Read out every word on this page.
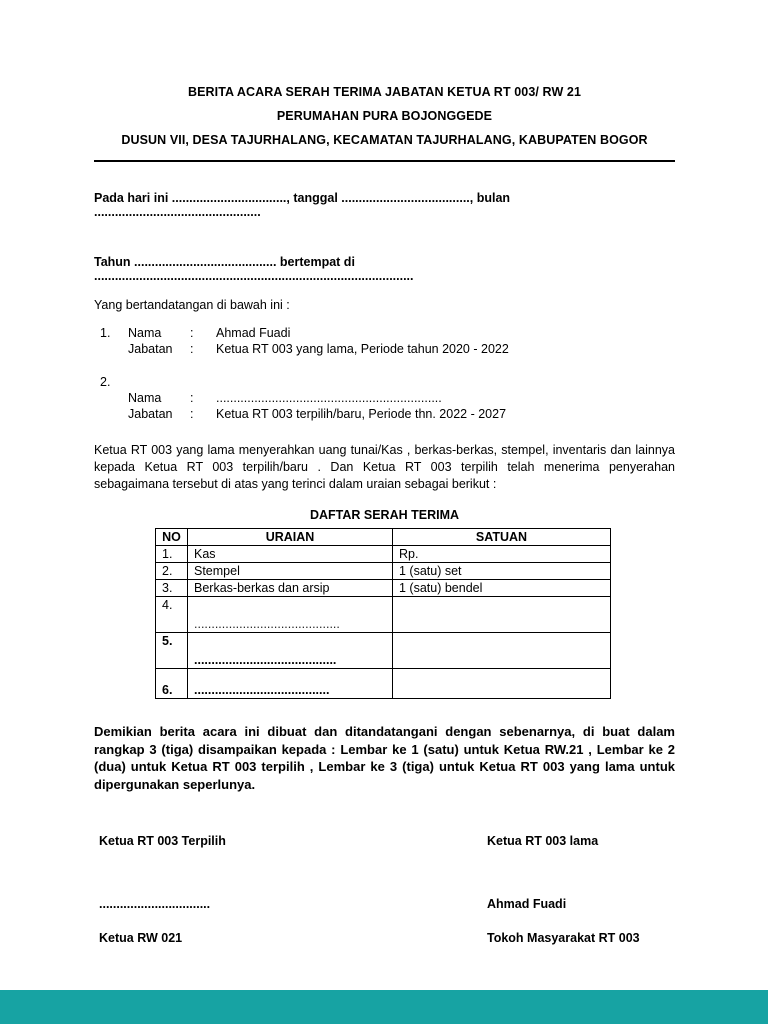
BERITA ACARA SERAH TERIMA JABATAN KETUA RT 003/ RW 21
PERUMAHAN PURA BOJONGGEDE
DUSUN VII, DESA TAJURHALANG, KECAMATAN TAJURHALANG, KABUPATEN BOGOR
Pada hari ini ................................., tanggal ....................................., bulan ................................................
Tahun ......................................... bertempat di ............................................................................................
Yang bertandatangan di bawah ini :
1.	Nama	:	Ahmad Fuadi
Jabatan	:	Ketua RT 003 yang lama, Periode tahun 2020 - 2022
2.
Nama	:	.................................................................
Jabatan	:	Ketua RT 003 terpilih/baru, Periode thn. 2022 - 2027
Ketua RT 003 yang lama menyerahkan uang tunai/Kas , berkas-berkas, stempel, inventaris dan lainnya kepada Ketua RT 003 terpilih/baru . Dan Ketua RT 003 terpilih telah menerima penyerahan sebagaimana tersebut di atas yang terinci dalam uraian sebagai berikut :
DAFTAR SERAH TERIMA
NO	URAIAN	SATUAN
1.	Kas	Rp.
2.	Stempel	1 (satu) set
3.	Berkas-berkas dan arsip	1 (satu) bendel
4.	..........................................	
5.	.........................................	
6.	.......................................	
Demikian berita acara ini dibuat dan ditandatangani dengan sebenarnya, di buat dalam rangkap 3 (tiga) disampaikan kepada : Lembar ke 1 (satu) untuk Ketua RW.21 , Lembar ke 2 (dua) untuk Ketua RT 003 terpilih , Lembar ke 3 (tiga) untuk Ketua RT 003 yang lama untuk dipergunakan seperlunya.
Ketua RT 003 Terpilih
................................
Ketua RW 021
Ketua RT 003 lama
Ahmad Fuadi
Tokoh Masyarakat RT 003
